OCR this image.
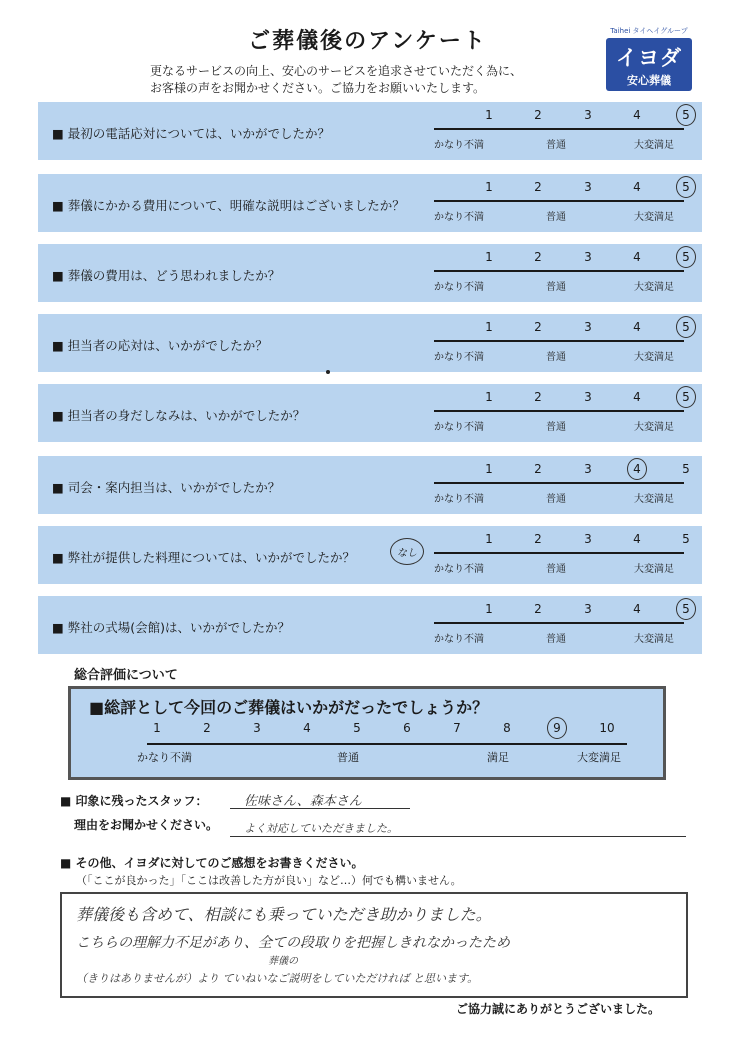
ご葬儀後のアンケート
更なるサービスの向上、安心のサービスを追求させていただく為に、
お客様の声をお聞かせください。ご協力をお願いいたします。
Taihei タイヘイグループ
イヨダ
安心葬儀
■ 最初の電話応対については、いかがでしたか？
1	2	3	4	5
かなり不満	普通	大変満足
■ 葬儀にかかる費用について、明確な説明はございましたか？
1	2	3	4	5
かなり不満	普通	大変満足
■ 葬儀の費用は、どう思われましたか？
1	2	3	4	5
かなり不満	普通	大変満足
■ 担当者の応対は、いかがでしたか？
1	2	3	4	5
かなり不満	普通	大変満足
■ 担当者の身だしなみは、いかがでしたか？
1	2	3	4	5
かなり不満	普通	大変満足
■ 司会・案内担当は、いかがでしたか？
1	2	3	4	5
かなり不満	普通	大変満足
■ 弊社が提供した料理については、いかがでしたか？	なし
1	2	3	4	5
かなり不満	普通	大変満足
■ 弊社の式場(会館)は、いかがでしたか？
1	2	3	4	5
かなり不満	普通	大変満足
総合評価について
■総評として今回のご葬儀はいかがだったでしょうか？
1	2	3	4	5	6	7	8	9	10
かなり不満	普通	満足	大変満足
■ 印象に残ったスタッフ：	佐味さん、森本さん
理由をお聞かせください。 よく対応していただきました。
■ その他、イヨダに対してのご感想をお書きください。
（「ここが良かった」「ここは改善した方が良い」など…）何でも構いません。
葬儀後も含めて、相談にも乗っていただき助かりました。
こちらの理解力不足があり、全ての段取りを把握しきれなかったため
葬儀の
（きりはありませんが）より ていねいなご説明をしていただければ と思います。
ご協力誠にありがとうございました。
